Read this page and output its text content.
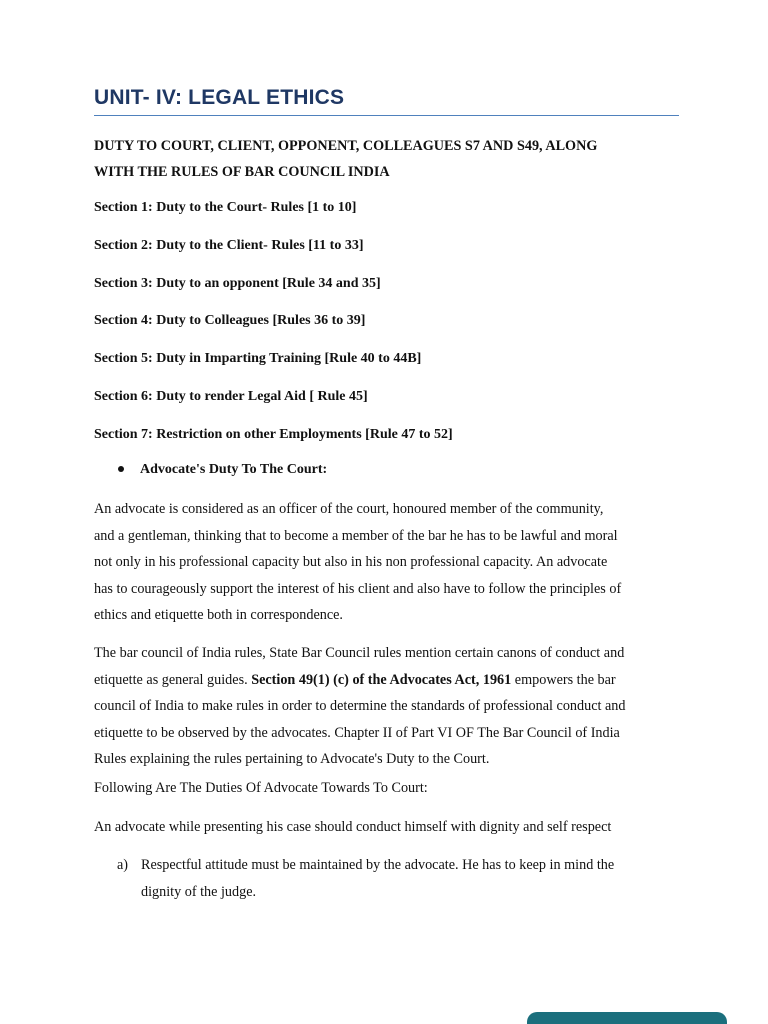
UNIT- IV: LEGAL ETHICS
DUTY TO COURT, CLIENT, OPPONENT, COLLEAGUES S7 AND S49, ALONG
WITH THE RULES OF BAR COUNCIL INDIA
Section 1: Duty to the Court- Rules [1 to 10]
Section 2: Duty to the Client- Rules [11 to 33]
Section 3: Duty to an opponent [Rule 34 and 35]
Section 4: Duty to Colleagues [Rules 36 to 39]
Section 5: Duty in Imparting Training [Rule 40 to 44B]
Section 6: Duty to render Legal Aid [ Rule 45]
Section 7: Restriction on other Employments [Rule 47 to 52]
Advocate's Duty To The Court:

An advocate is considered as an officer of the court, honoured member of the community,
and a gentleman, thinking that to become a member of the bar he has to be lawful and moral
not only in his professional capacity but also in his non professional capacity. An advocate
has to courageously support the interest of his client and also have to follow the principles of
ethics and etiquette both in correspondence.

The bar council of India rules, State Bar Council rules mention certain canons of conduct and
etiquette as general guides. Section 49(1) (c) of the Advocates Act, 1961 empowers the bar
council of India to make rules in order to determine the standards of professional conduct and
etiquette to be observed by the advocates. Chapter II of Part VI OF The Bar Council of India
Rules explaining the rules pertaining to Advocate's Duty to the Court.

Following Are The Duties Of Advocate Towards To Court:

An advocate while presenting his case should conduct himself with dignity and self respect

a) Respectful attitude must be maintained by the advocate. He has to keep in mind the
dignity of the judge.
